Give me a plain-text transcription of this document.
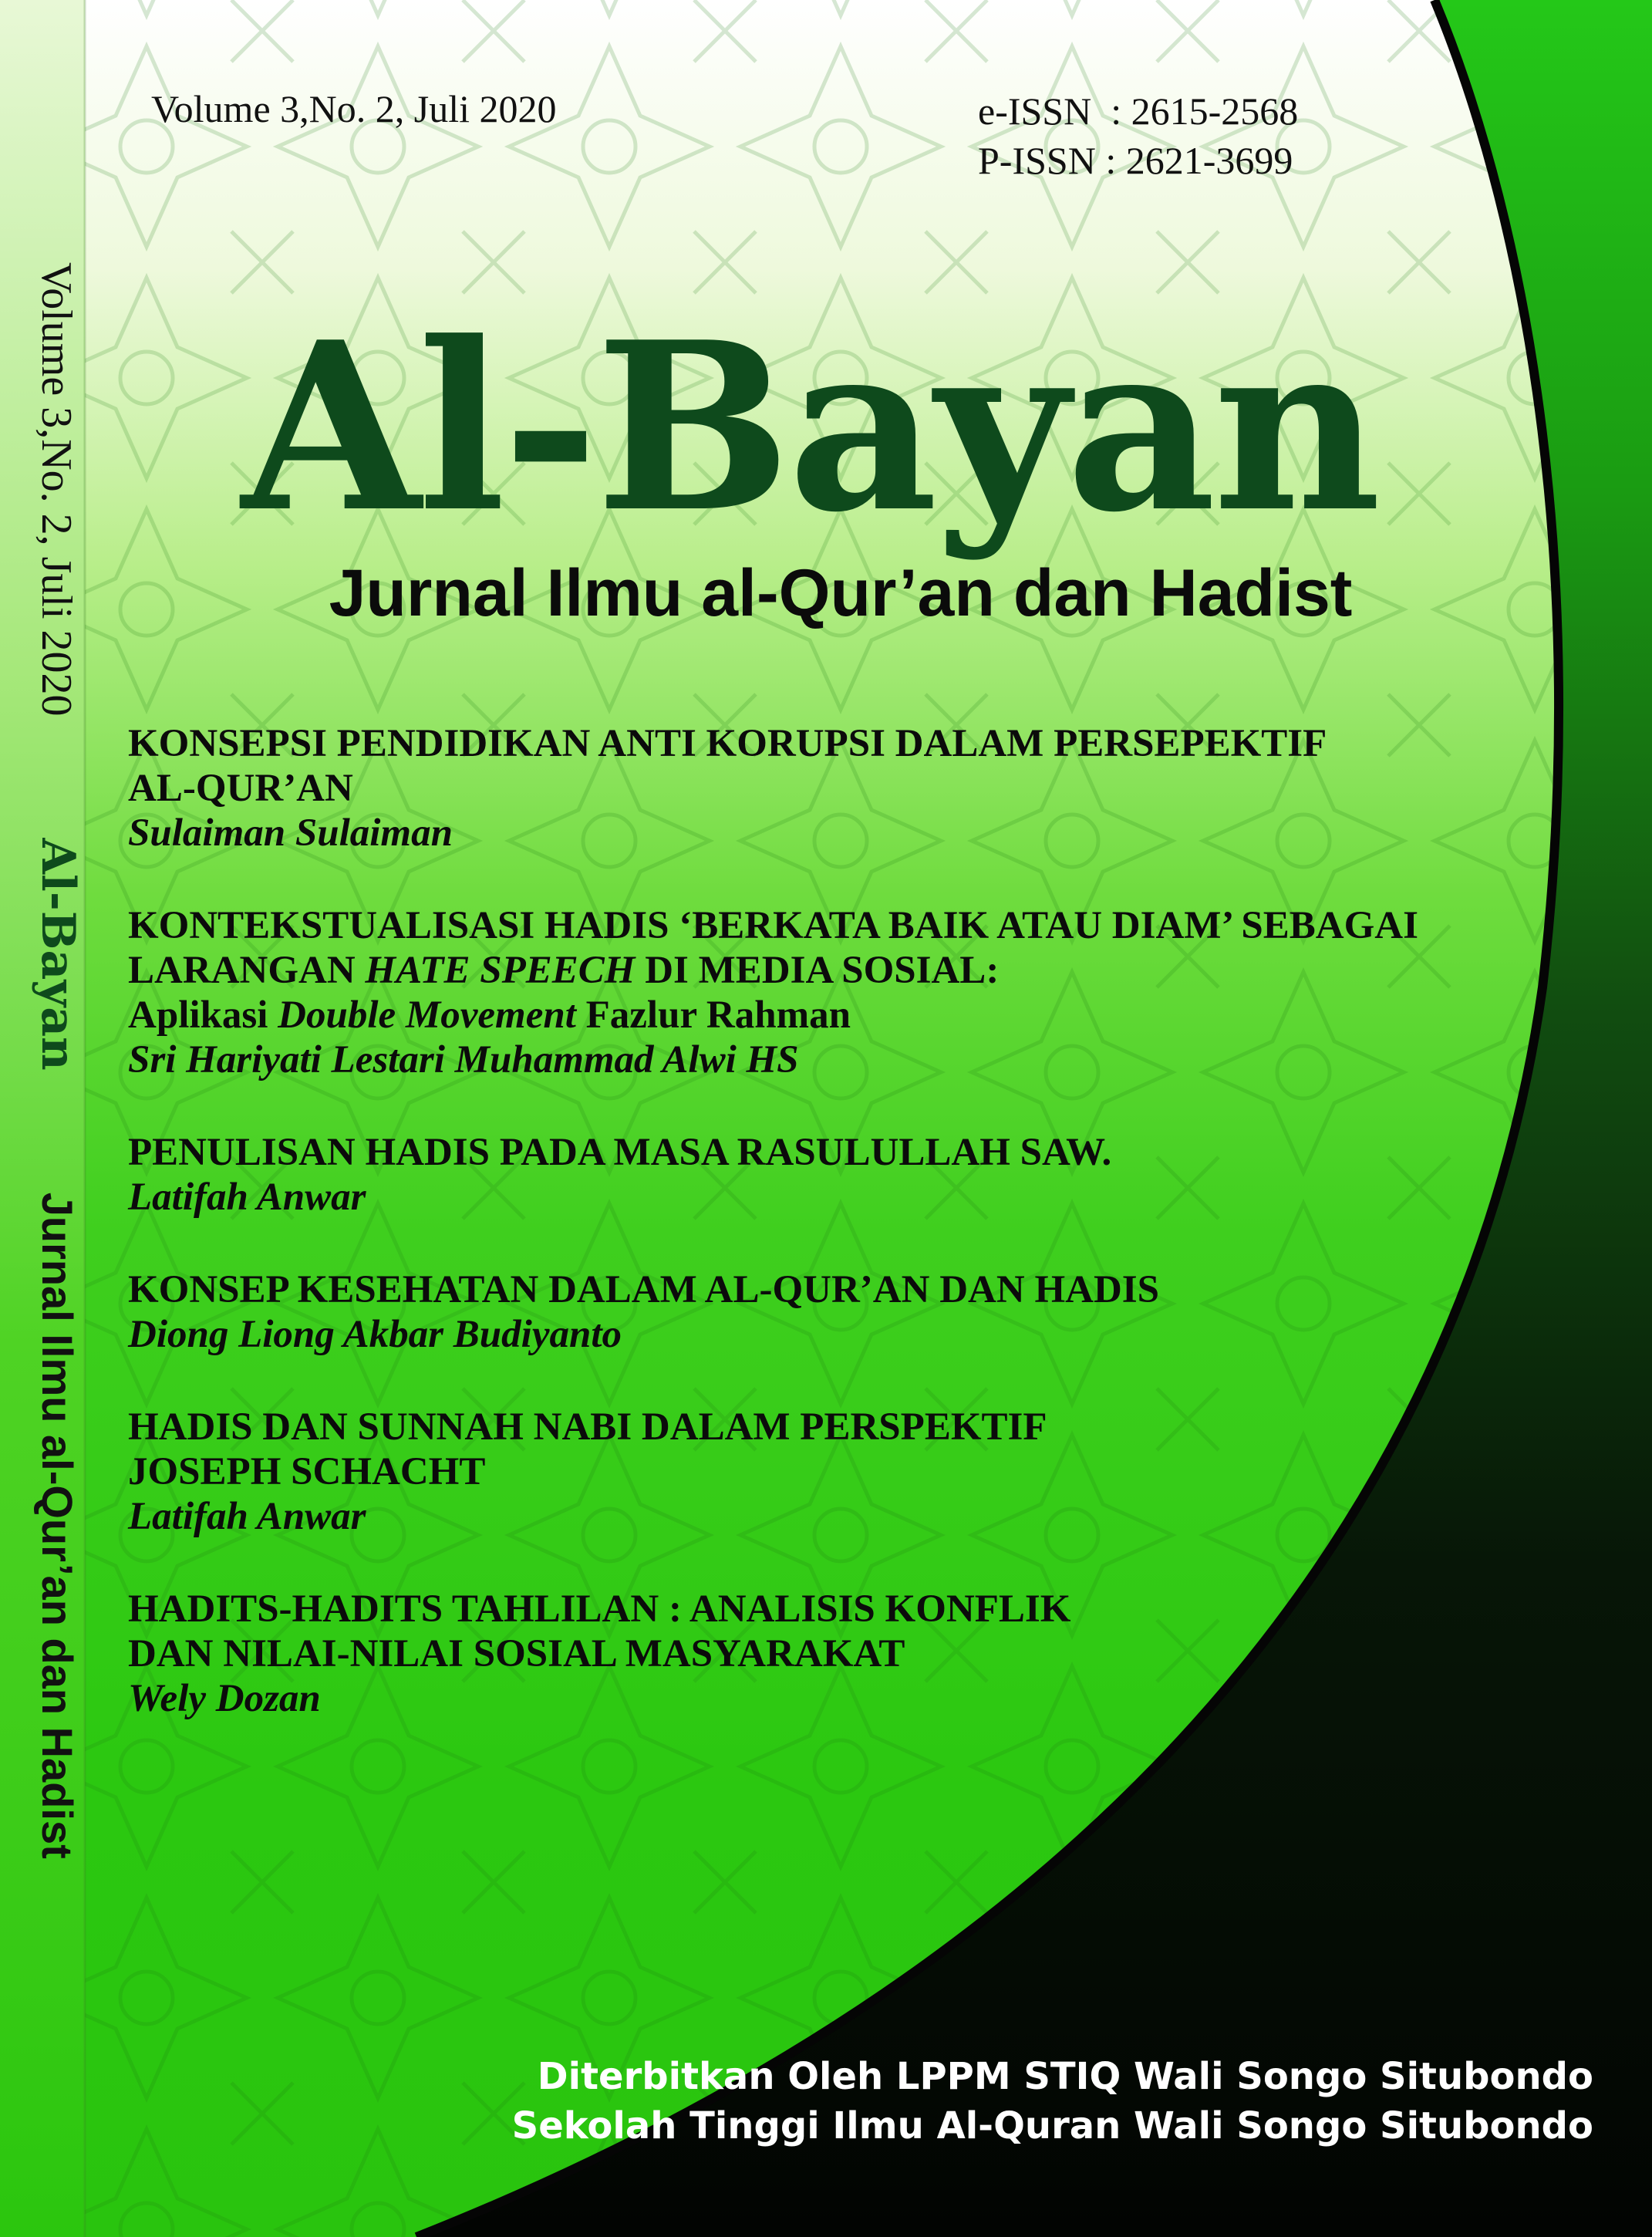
Volume 3,No. 2, Juli 2020  Al-Bayan  Jurnal Ilmu al-Qur’an dan Hadist

Volume 3,No. 2, Juli 2020	e-ISSN  : 2615-2568
P-ISSN : 2621-3699
Al-Bayan
Jurnal Ilmu al-Qur’an dan Hadist
KONSEPSI PENDIDIKAN ANTI KORUPSI DALAM PERSEPEKTIF
AL-QUR’AN
Sulaiman Sulaiman
KONTEKSTUALISASI HADIS ‘BERKATA BAIK ATAU DIAM’ SEBAGAI
LARANGAN HATE SPEECH DI MEDIA SOSIAL:
Aplikasi Double Movement Fazlur Rahman
Sri Hariyati Lestari Muhammad Alwi HS
PENULISAN HADIS PADA MASA RASULULLAH SAW.
Latifah Anwar
KONSEP KESEHATAN DALAM AL-QUR’AN DAN HADIS
Diong Liong Akbar Budiyanto
HADIS DAN SUNNAH NABI DALAM PERSPEKTIF
JOSEPH SCHACHT
Latifah Anwar
HADITS-HADITS TAHLILAN : ANALISIS KONFLIK
DAN NILAI-NILAI SOSIAL MASYARAKAT
Wely Dozan
Diterbitkan Oleh LPPM STIQ Wali Songo Situbondo
Sekolah Tinggi Ilmu Al-Quran Wali Songo Situbondo
